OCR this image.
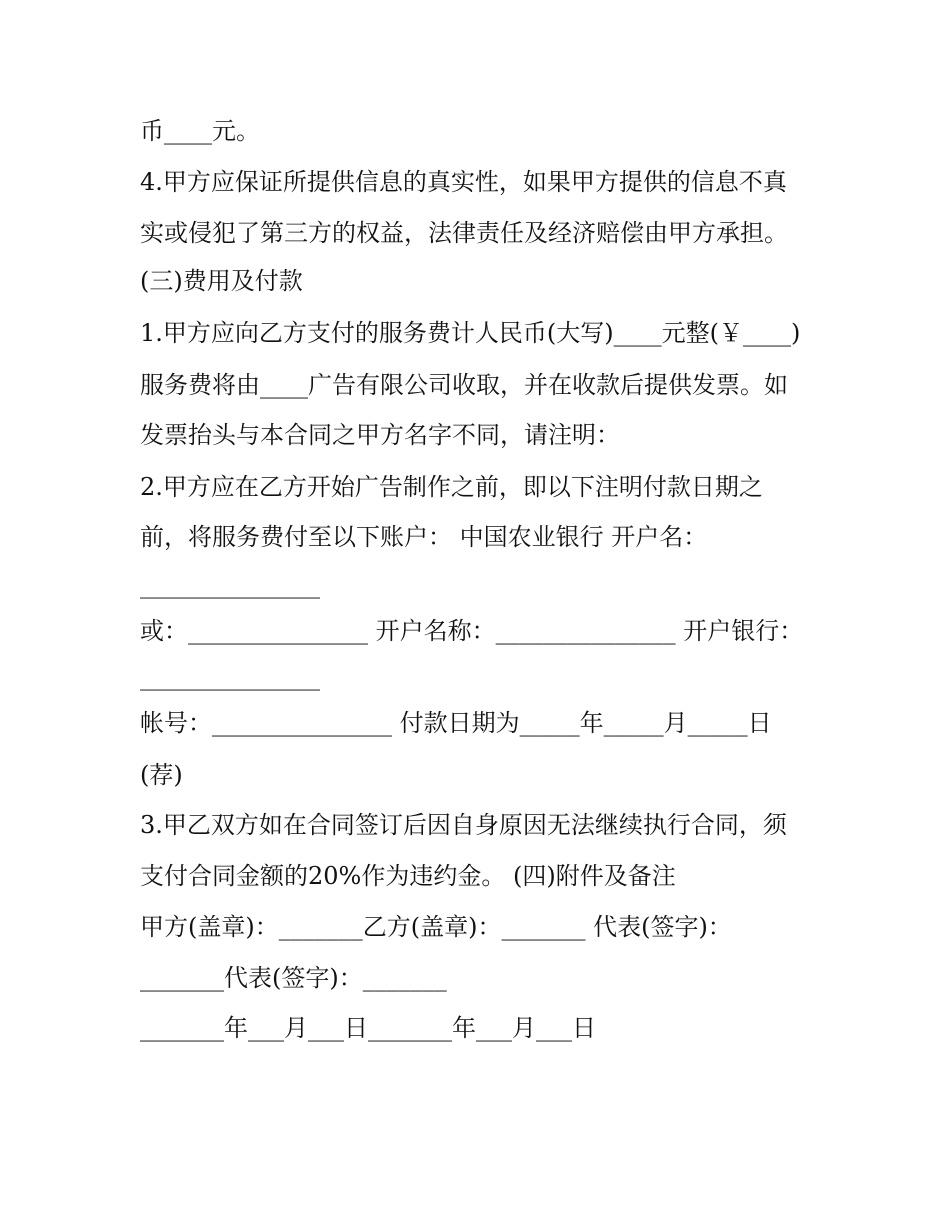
币____元。
4.甲方应保证所提供信息的真实性，如果甲方提供的信息不真
实或侵犯了第三方的权益，法律责任及经济赔偿由甲方承担。
(三)费用及付款
1.甲方应向乙方支付的服务费计人民币(大写)____元整(￥____)
服务费将由____广告有限公司收取，并在收款后提供发票。如
发票抬头与本合同之甲方名字不同，请注明：
2.甲方应在乙方开始广告制作之前，即以下注明付款日期之
前，将服务费付至以下账户： 中国农业银行 开户名：
_______________
或：_______________ 开户名称：_______________ 开户银行：
_______________
帐号：_______________ 付款日期为_____年_____月_____日
(荐)
3.甲乙双方如在合同签订后因自身原因无法继续执行合同，须
支付合同金额的20%作为违约金。 (四)附件及备注
甲方(盖章)：_______乙方(盖章)：_______ 代表(签字)：
_______代表(签字)：_______
_______年___月___日_______年___月___日
